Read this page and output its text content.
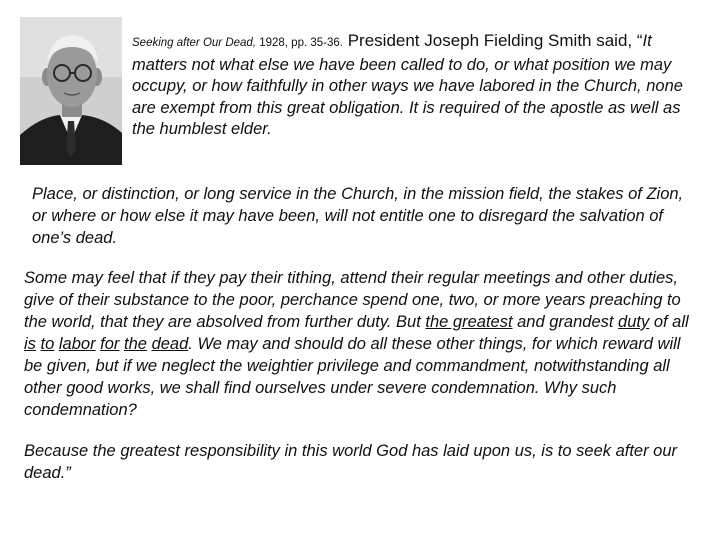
Seeking after Our Dead, 1928, pp. 35-36. President Joseph Fielding Smith said, “It matters not what else we have been called to do, or what position we may occupy, or how faithfully in other ways we have labored in the Church, none are exempt from this great obligation. It is required of the apostle as well as the humblest elder.
Place, or distinction, or long service in the Church, in the mission field, the stakes of Zion, or where or how else it may have been, will not entitle one to disregard the salvation of one’s dead.
Some may feel that if they pay their tithing, attend their regular meetings and other duties, give of their substance to the poor, perchance spend one, two, or more years preaching to the world, that they are absolved from further duty. But the greatest and grandest duty of all is to labor for the dead. We may and should do all these other things, for which reward will be given, but if we neglect the weightier privilege and commandment, notwithstanding all other good works, we shall find ourselves under severe condemnation. Why such condemnation?
Because the greatest responsibility in this world God has laid upon us, is to seek after our dead.”
